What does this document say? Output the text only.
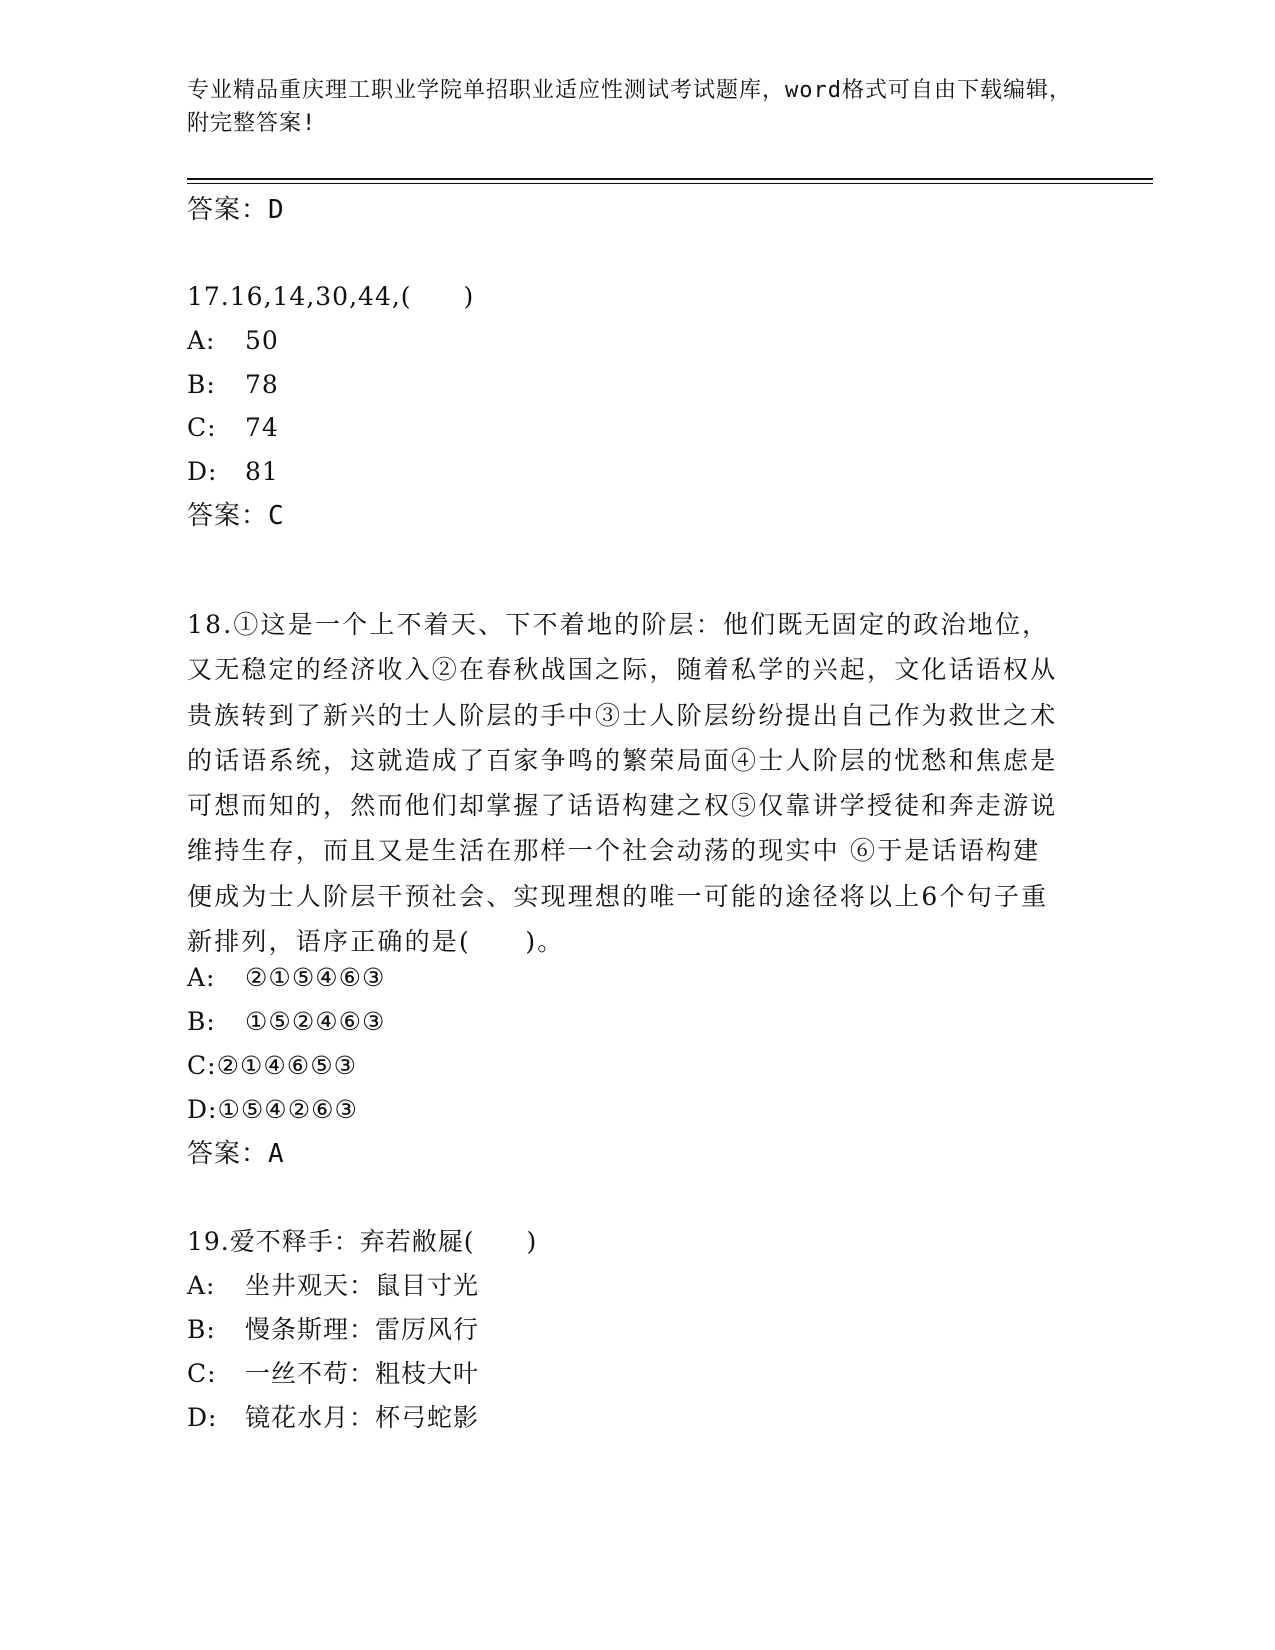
专业精品重庆理工职业学院单招职业适应性测试考试题库，word格式可自由下载编辑，附完整答案!
答案：D
17.16,14,30,44,(　　)
A: 50
B: 78
C: 74
D: 81
答案：C
18.①这是一个上不着天、下不着地的阶层：他们既无固定的政治地位，又无稳定的经济收入②在春秋战国之际，随着私学的兴起，文化话语权从贵族转到了新兴的士人阶层的手中③士人阶层纷纷提出自己作为救世之术的话语系统，这就造成了百家争鸣的繁荣局面④士人阶层的忧愁和焦虑是可想而知的，然而他们却掌握了话语构建之权⑤仅靠讲学授徒和奔走游说维持生存，而且又是生活在那样一个社会动荡的现实中 ⑥于是话语构建便成为士人阶层干预社会、实现理想的唯一可能的途径将以上6个句子重新排列，语序正确的是(　　)。
A: ②①⑤④⑥③
B: ①⑤②④⑥③
C:②①④⑥⑤③
D:①⑤④②⑥③
答案：A
19.爱不释手：弃若敝屣(　　)
A: 坐井观天：鼠目寸光
B: 慢条斯理：雷厉风行
C: 一丝不苟：粗枝大叶
D: 镜花水月：杯弓蛇影
